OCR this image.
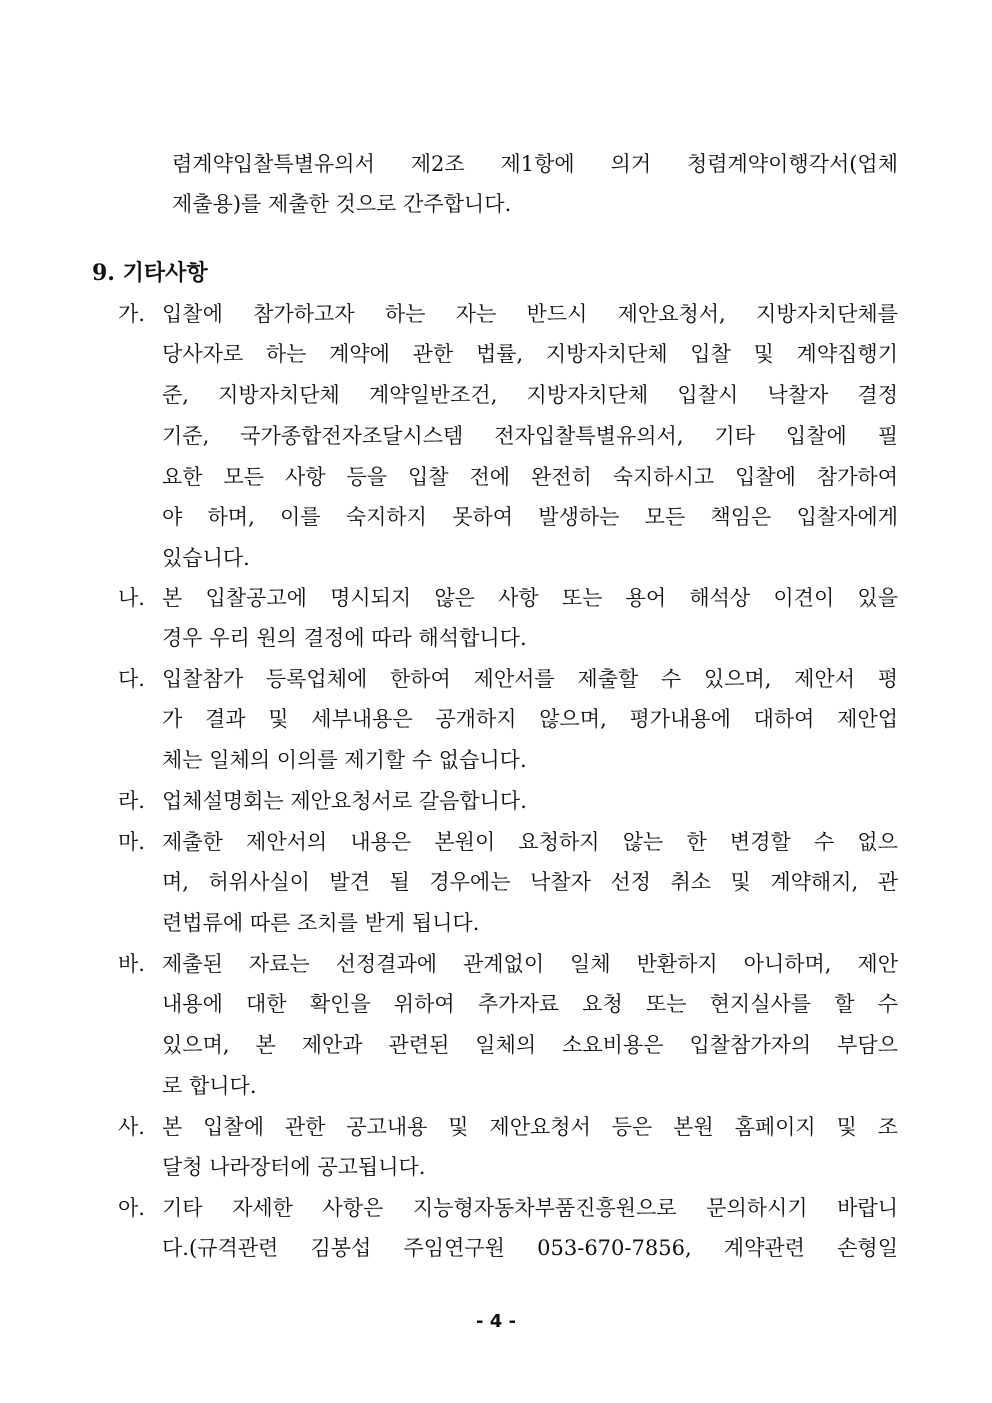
렴계약입찰특별유의서 제2조 제1항에 의거 청렴계약이행각서(업체
제출용)를 제출한 것으로 간주합니다.
9. 기타사항
가. 입찰에 참가하고자 하는 자는 반드시 제안요청서, 지방자치단체를
당사자로 하는 계약에 관한 법률, 지방자치단체 입찰 및 계약집행기
준, 지방자치단체 계약일반조건, 지방자치단체 입찰시 낙찰자 결정
기준, 국가종합전자조달시스템 전자입찰특별유의서, 기타 입찰에 필
요한 모든 사항 등을 입찰 전에 완전히 숙지하시고 입찰에 참가하여
야 하며, 이를 숙지하지 못하여 발생하는 모든 책임은 입찰자에게
있습니다.
나. 본 입찰공고에 명시되지 않은 사항 또는 용어 해석상 이견이 있을
경우 우리 원의 결정에 따라 해석합니다.
다. 입찰참가 등록업체에 한하여 제안서를 제출할 수 있으며, 제안서 평
가 결과 및 세부내용은 공개하지 않으며, 평가내용에 대하여 제안업
체는 일체의 이의를 제기할 수 없습니다.
라. 업체설명회는 제안요청서로 갈음합니다.
마. 제출한 제안서의 내용은 본원이 요청하지 않는 한 변경할 수 없으
며, 허위사실이 발견 될 경우에는 낙찰자 선정 취소 및 계약해지, 관
련법류에 따른 조치를 받게 됩니다.
바. 제출된 자료는 선정결과에 관계없이 일체 반환하지 아니하며, 제안
내용에 대한 확인을 위하여 추가자료 요청 또는 현지실사를 할 수
있으며, 본 제안과 관련된 일체의 소요비용은 입찰참가자의 부담으
로 합니다.
사. 본 입찰에 관한 공고내용 및 제안요청서 등은 본원 홈페이지 및 조
달청 나라장터에 공고됩니다.
아. 기타 자세한 사항은 지능형자동차부품진흥원으로 문의하시기 바랍니
다.(규격관련 김봉섭 주임연구원 053-670-7856, 계약관련 손형일
- 4 -
